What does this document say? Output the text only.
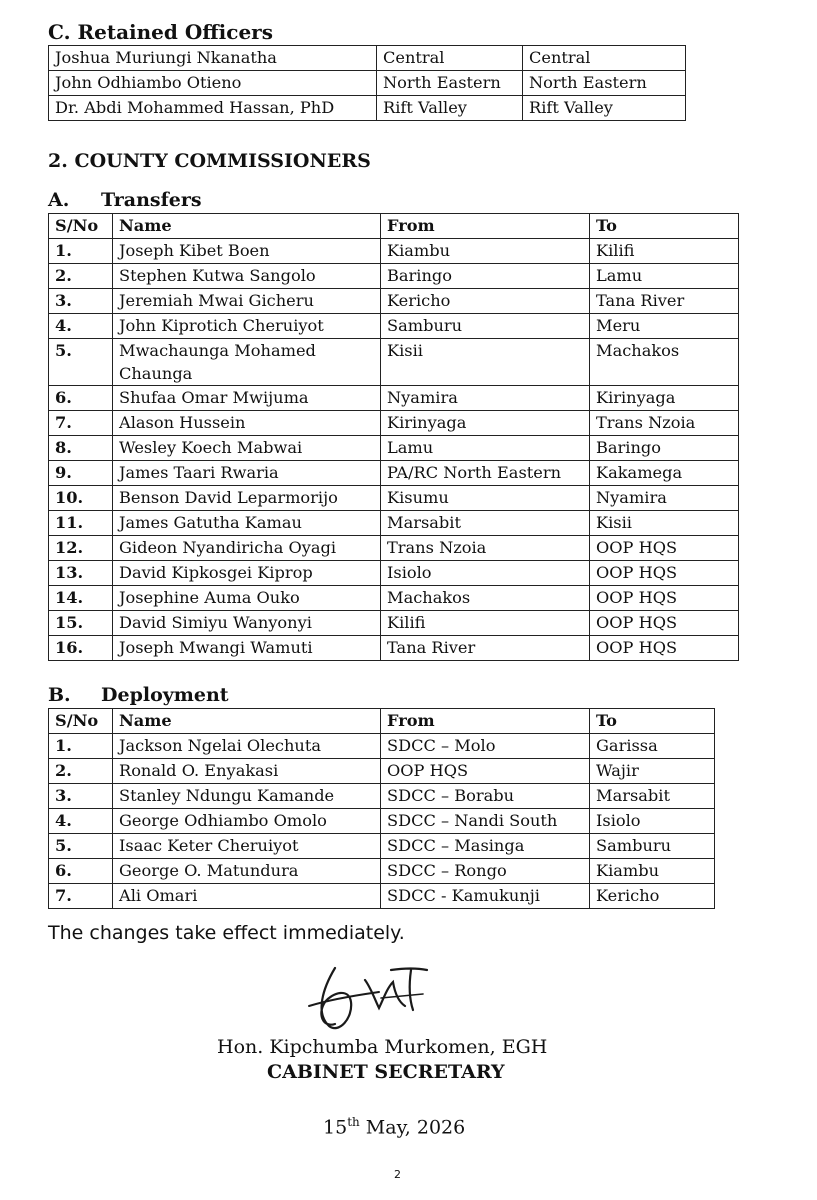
C. Retained Officers
Joshua Muriungi Nkanatha	Central	Central
John Odhiambo Otieno	North Eastern	North Eastern
Dr. Abdi Mohammed Hassan, PhD	Rift Valley	Rift Valley
2. COUNTY COMMISSIONERS
A. Transfers
S/No	Name	From	To
1.	Joseph Kibet Boen	Kiambu	Kilifi
2.	Stephen Kutwa Sangolo	Baringo	Lamu
3.	Jeremiah Mwai Gicheru	Kericho	Tana River
4.	John Kiprotich Cheruiyot	Samburu	Meru
5.	Mwachaunga Mohamed Chaunga	Kisii	Machakos
6.	Shufaa Omar Mwijuma	Nyamira	Kirinyaga
7.	Alason Hussein	Kirinyaga	Trans Nzoia
8.	Wesley Koech Mabwai	Lamu	Baringo
9.	James Taari Rwaria	PA/RC North Eastern	Kakamega
10.	Benson David Leparmorijo	Kisumu	Nyamira
11.	James Gatutha Kamau	Marsabit	Kisii
12.	Gideon Nyandiricha Oyagi	Trans Nzoia	OOP HQS
13.	David Kipkosgei Kiprop	Isiolo	OOP HQS
14.	Josephine Auma Ouko	Machakos	OOP HQS
15.	David Simiyu Wanyonyi	Kilifi	OOP HQS
16.	Joseph Mwangi Wamuti	Tana River	OOP HQS
B. Deployment
S/No	Name	From	To
1.	Jackson Ngelai Olechuta	SDCC – Molo	Garissa
2.	Ronald O. Enyakasi	OOP HQS	Wajir
3.	Stanley Ndungu Kamande	SDCC – Borabu	Marsabit
4.	George Odhiambo Omolo	SDCC – Nandi South	Isiolo
5.	Isaac Keter Cheruiyot	SDCC – Masinga	Samburu
6.	George O. Matundura	SDCC – Rongo	Kiambu
7.	Ali Omari	SDCC - Kamukunji	Kericho
The changes take effect immediately.
Hon. Kipchumba Murkomen, EGH
CABINET SECRETARY
15th May, 2026
2
